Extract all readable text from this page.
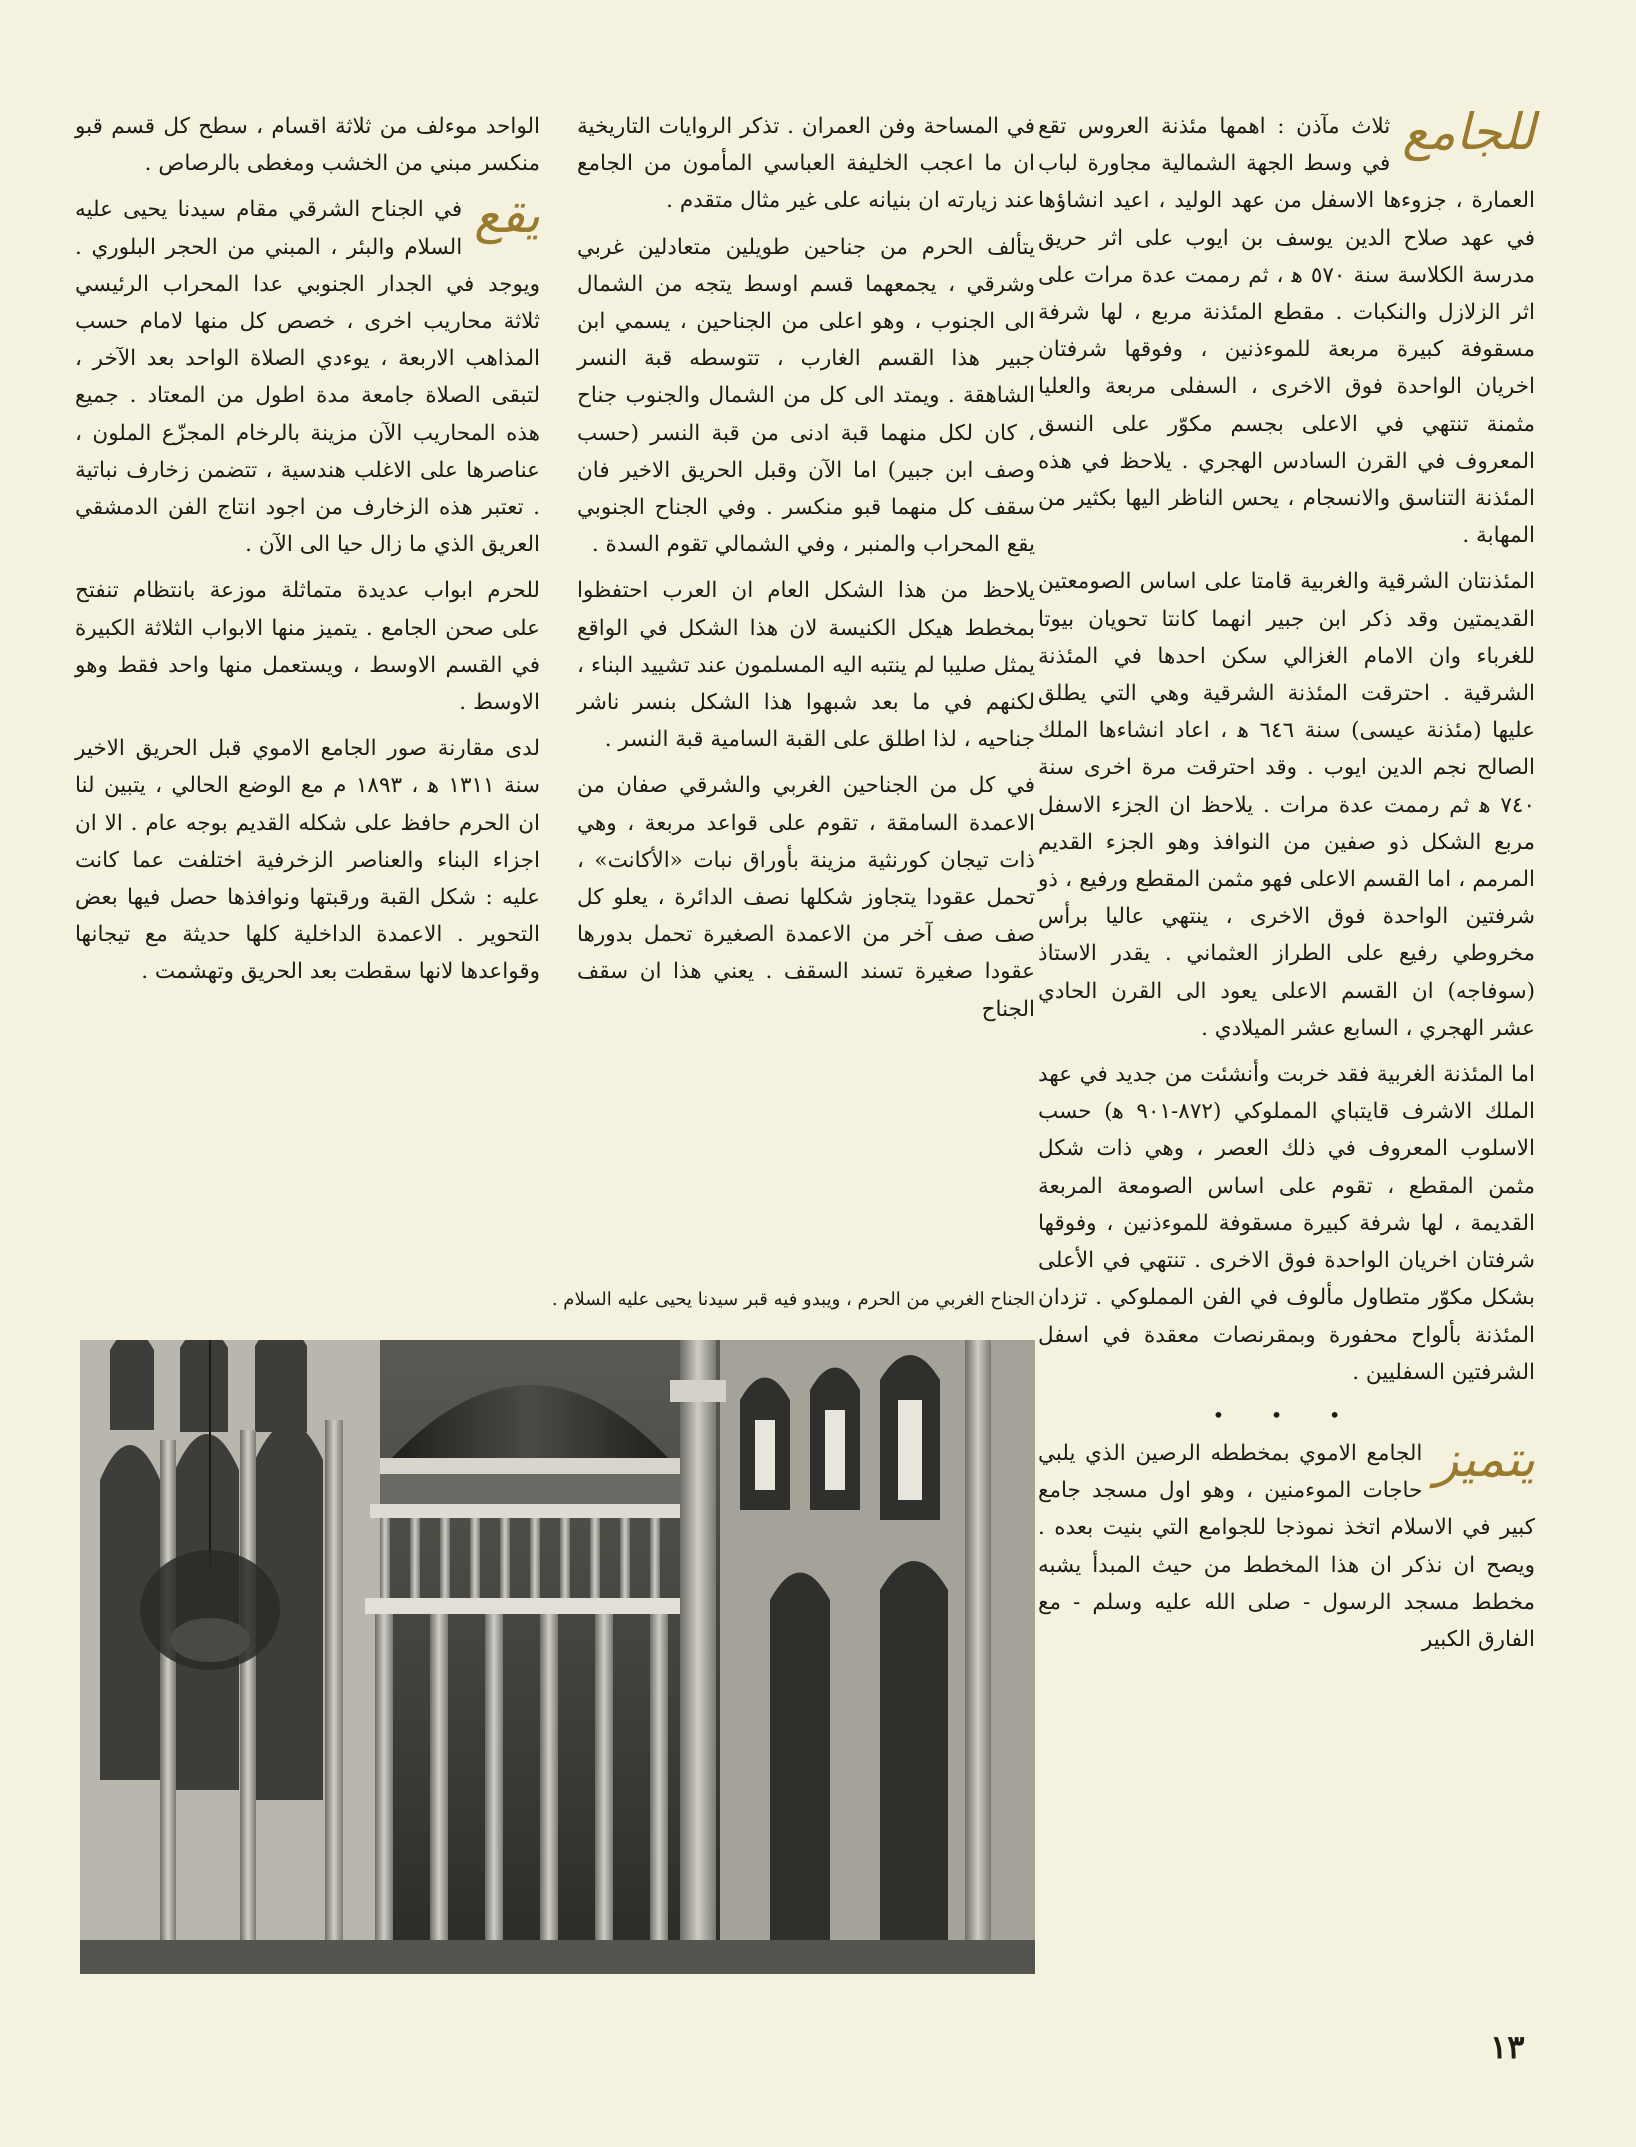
للجامع
ثلاث مآذن : اهمها مئذنة العروس تقع في وسط الجهة الشمالية مجاورة لباب العمارة ، جزوءها الاسفل من عهد الوليد ، اعيد انشاؤها في عهد صلاح الدين يوسف بن ايوب على اثر حريق مدرسة الكلاسة سنة ٥٧٠ ﻫ ، ثم رممت عدة مرات على اثر الزلازل والنكبات . مقطع المئذنة مربع ، لها شرفة مسقوفة كبيرة مربعة للموءذنين ، وفوقها شرفتان اخريان الواحدة فوق الاخرى ، السفلى مربعة والعليا مثمنة تنتهي في الاعلى بجسم مكوّر على النسق المعروف في القرن السادس الهجري . يلاحظ في هذه المئذنة التناسق والانسجام ، يحس الناظر اليها بكثير من المهابة .

المئذنتان الشرقية والغربية قامتا على اساس الصومعتين القديمتين وقد ذكر ابن جبير انهما كانتا تحويان بيوتا للغرباء وان الامام الغزالي سكن احدها في المئذنة الشرقية . احترقت المئذنة الشرقية وهي التي يطلق عليها (مئذنة عيسى) سنة ٦٤٦ ﻫ ، اعاد انشاءها الملك الصالح نجم الدين ايوب . وقد احترقت مرة اخرى سنة ٧٤٠ ﻫ ثم رممت عدة مرات . يلاحظ ان الجزء الاسفل مربع الشكل ذو صفين من النوافذ وهو الجزء القديم المرمم ، اما القسم الاعلى فهو مثمن المقطع ورفيع ، ذو شرفتين الواحدة فوق الاخرى ، ينتهي عاليا برأس مخروطي رفيع على الطراز العثماني . يقدر الاستاذ (سوفاجه) ان القسم الاعلى يعود الى القرن الحادي عشر الهجري ، السابع عشر الميلادي .

اما المئذنة الغربية فقد خربت وأنشئت من جديد في عهد الملك الاشرف قايتباي المملوكي (٨٧٢-٩٠١ ﻫ) حسب الاسلوب المعروف في ذلك العصر ، وهي ذات شكل مثمن المقطع ، تقوم على اساس الصومعة المربعة القديمة ، لها شرفة كبيرة مسقوفة للموءذنين ، وفوقها شرفتان اخريان الواحدة فوق الاخرى . تنتهي في الأعلى بشكل مكوّر متطاول مألوف في الفن المملوكي . تزدان المئذنة بألواح محفورة وبمقرنصات معقدة في اسفل الشرفتين السفليين .

• • •

يتميز
الجامع الاموي بمخططه الرصين الذي يلبي حاجات الموءمنين ، وهو اول مسجد جامع كبير في الاسلام اتخذ نموذجا للجوامع التي بنيت بعده . ويصح ان نذكر ان هذا المخطط من حيث المبدأ يشبه مخطط مسجد الرسول - صلى الله عليه وسلم - مع الفارق الكبير

في المساحة وفن العمران . تذكر الروايات التاريخية ان ما اعجب الخليفة العباسي المأمون من الجامع عند زيارته ان بنيانه على غير مثال متقدم .

يتألف الحرم من جناحين طويلين متعادلين غربي وشرقي ، يجمعهما قسم اوسط يتجه من الشمال الى الجنوب ، وهو اعلى من الجناحين ، يسمي ابن جبير هذا القسم الغارب ، تتوسطه قبة النسر الشاهقة . ويمتد الى كل من الشمال والجنوب جناح ، كان لكل منهما قبة ادنى من قبة النسر (حسب وصف ابن جبير) اما الآن وقبل الحريق الاخير فان سقف كل منهما قبو منكسر . وفي الجناح الجنوبي يقع المحراب والمنبر ، وفي الشمالي تقوم السدة .

يلاحظ من هذا الشكل العام ان العرب احتفظوا بمخطط هيكل الكنيسة لان هذا الشكل في الواقع يمثل صليبا لم ينتبه اليه المسلمون عند تشييد البناء ، لكنهم في ما بعد شبهوا هذا الشكل بنسر ناشر جناحيه ، لذا اطلق على القبة السامية قبة النسر .

في كل من الجناحين الغربي والشرقي صفان من الاعمدة السامقة ، تقوم على قواعد مربعة ، وهي ذات تيجان كورنثية مزينة بأوراق نبات «الأكانت» ، تحمل عقودا يتجاوز شكلها نصف الدائرة ، يعلو كل صف صف آخر من الاعمدة الصغيرة تحمل بدورها عقودا صغيرة تسند السقف . يعني هذا ان سقف الجناح

الواحد موءلف من ثلاثة اقسام ، سطح كل قسم قبو منكسر مبني من الخشب ومغطى بالرصاص .

يقع
في الجناح الشرقي مقام سيدنا يحيى عليه السلام والبئر ، المبني من الحجر البلوري . ويوجد في الجدار الجنوبي عدا المحراب الرئيسي ثلاثة محاريب اخرى ، خصص كل منها لامام حسب المذاهب الاربعة ، يوءدي الصلاة الواحد بعد الآخر ، لتبقى الصلاة جامعة مدة اطول من المعتاد . جميع هذه المحاريب الآن مزينة بالرخام المجزّع الملون ، عناصرها على الاغلب هندسية ، تتضمن زخارف نباتية . تعتبر هذه الزخارف من اجود انتاج الفن الدمشقي العريق الذي ما زال حيا الى الآن .

للحرم ابواب عديدة متماثلة موزعة بانتظام تنفتح على صحن الجامع . يتميز منها الابواب الثلاثة الكبيرة في القسم الاوسط ، ويستعمل منها واحد فقط وهو الاوسط .

لدى مقارنة صور الجامع الاموي قبل الحريق الاخير سنة ١٣١١ ﻫ ، ١٨٩٣ م مع الوضع الحالي ، يتبين لنا ان الحرم حافظ على شكله القديم بوجه عام . الا ان اجزاء البناء والعناصر الزخرفية اختلفت عما كانت عليه : شكل القبة ورقبتها ونوافذها حصل فيها بعض التحوير . الاعمدة الداخلية كلها حديثة مع تيجانها وقواعدها لانها سقطت بعد الحريق وتهشمت .

الجناح الغربي من الحرم ، ويبدو فيه قبر سيدنا يحيى عليه السلام .
١٣
